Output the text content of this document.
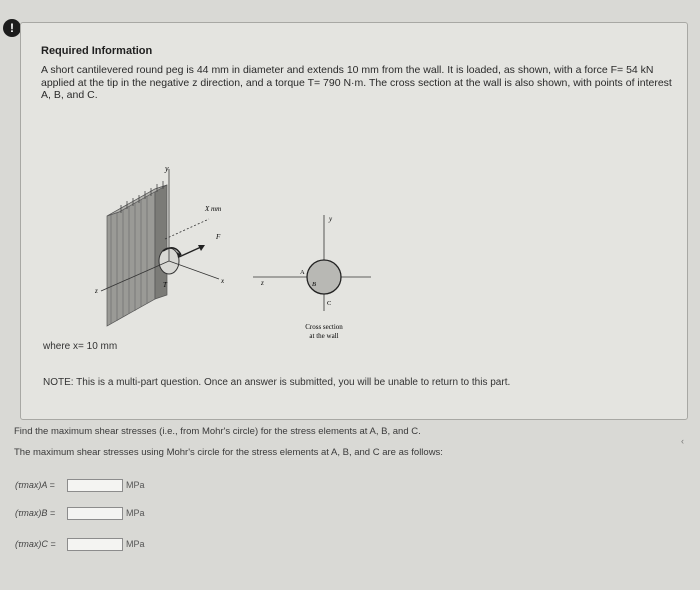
!
Required Information
A short cantilevered round peg is 44 mm in diameter and extends 10 mm from the wall. It is loaded, as shown, with a force F= 54 kN applied at the tip in the negative z direction, and a torque T= 790 N·m. The cross section at the wall is also shown, with points of interest A, B, and C.
y
X mm
F
T	x
z
y
z
A
B
C
Cross section
at the wall
where x= 10 mm
NOTE: This is a multi-part question. Once an answer is submitted, you will be unable to return to this part.
Find the maximum shear stresses (i.e., from Mohr's circle) for the stress elements at A, B, and C.
The maximum shear stresses using Mohr's circle for the stress elements at A, B, and C are as follows:
(τmax)A =	MPa
(τmax)B =	MPa
(τmax)C =	MPa
‹
